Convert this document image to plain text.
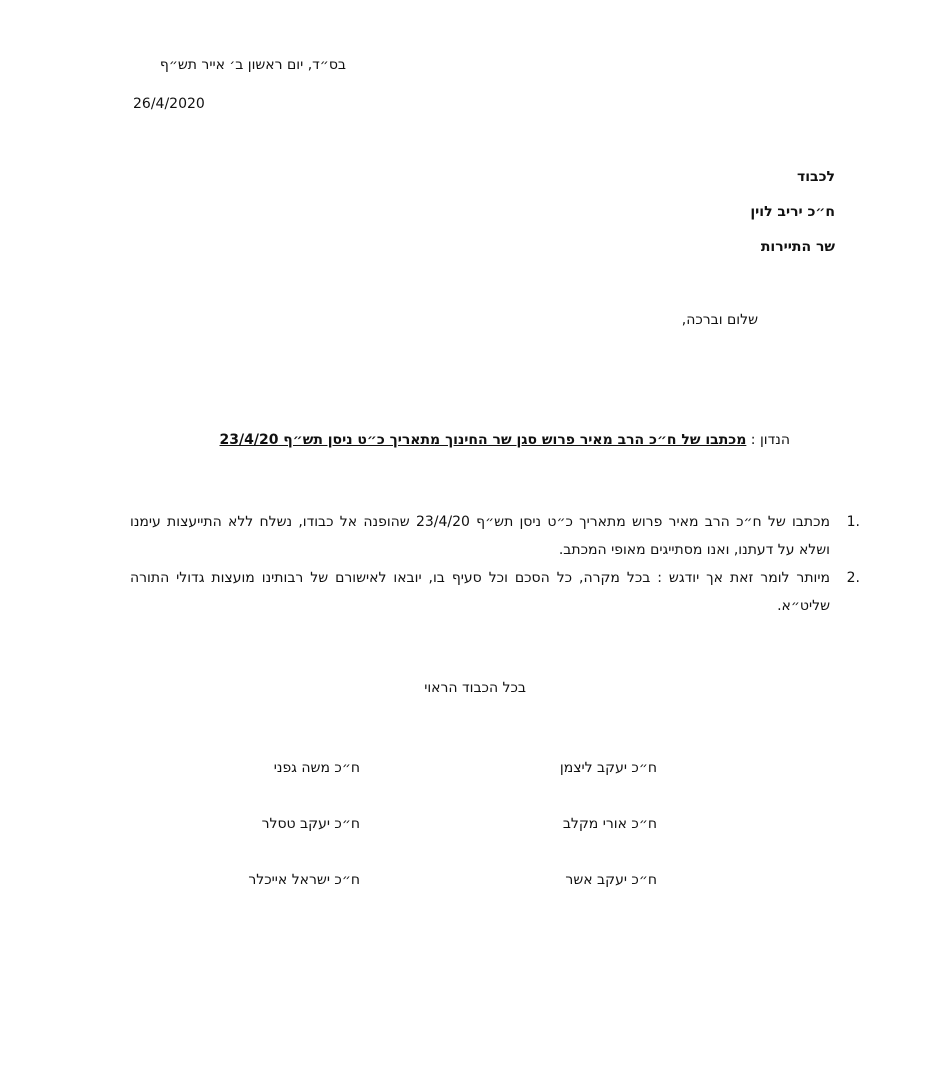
בס״ד, יום ראשון ב׳ אייר תש״ף
26/4/2020
לכבוד
ח״כ יריב לוין
שר התיירות
שלום וברכה,
הנדון : מכתבו של ח״כ הרב מאיר פרוש סגן שר החינוך מתאריך כ״ט ניסן תש״ף 23/4/20
1.
מכתבו של ח״כ הרב מאיר פרוש מתאריך כ״ט ניסן תש״ף 23/4/20 שהופנה אל כבודו, נשלח ללא התייעצות עימנו ושלא על דעתנו, ואנו מסתייגים מאופי המכתב.
2.
מיותר לומר זאת אך יודגש : בכל מקרה, כל הסכם וכל סעיף בו, יובאו לאישורם של רבותינו מועצות גדולי התורה שליט״א.
בכל הכבוד הראוי
ח״כ יעקב ליצמן
ח״כ אורי מקלב
ח״כ יעקב אשר
ח״כ משה גפני
ח״כ יעקב טסלר
ח״כ ישראל אייכלר
